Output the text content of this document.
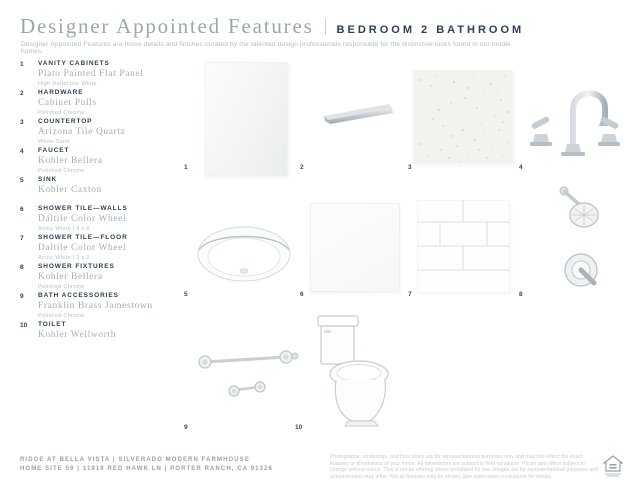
Designer Appointed Features BEDROOM 2 BATHROOM

Designer Appointed Features are home details and finishes curated by the talented design professionals responsible for the distinctive looks found in our model homes.

1	VANITY CABINETS
Plato Painted Flat Panel
High Reflective White
2	HARDWARE
Cabinet Pulls
Polished Chrome
3	COUNTERTOP
Arizona Tile Quartz
White Sand
4	FAUCET
Kohler Bellera
Polished Chrome
5	SINK
Kohler Caxton
6	SHOWER TILE—WALLS
Daltile Color Wheel
Arctic White | 6 x 6
7	SHOWER TILE—FLOOR
Daltile Color Wheel
Arctic White | 2 x 2
8	SHOWER FIXTURES
Kohler Bellera
Polished Chrome
9	BATH ACCESSORIES
Franklin Brass Jamestown
Polished Chrome
10	TOILET
Kohler Wellworth
1	2	3	4
5	6	7	8
9	10
RIDGE AT BELLA VISTA | SILVERADO MODERN FARMHOUSE
HOME SITE 59 | 11919 RED HAWK LN | PORTER RANCH, CA 91326

Photographs, renderings, and floor plans are for representational purposes only and may not reflect the exact features or dimensions of your home. All dimensions are subject to field variations. Prices and offers subject to change without notice. This is not an offering where prohibited by law. Images are for representational purposes and actual product may differ. Not all features may be shown. See sales team consultants for details.
